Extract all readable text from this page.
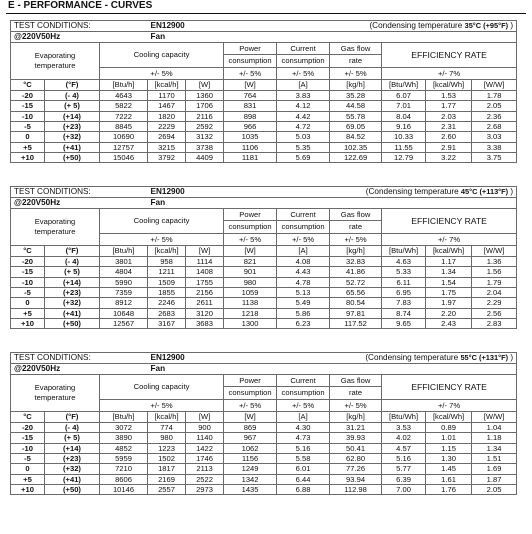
E - PERFORMANCE - CURVES
TEST CONDITIONS:			EN12900			(Condensing temperature 35°C (+95°F) )				
@220V50Hz			Fan							

Evaporating
temperature		Cooling capacity			Power	Current	Gas flow	EFFICIENCY RATE		
					consumption	consumption	rate			
		+/- 5%			+/- 5%	+/- 5%	+/- 5%	+/- 7%		
°C	(°F)	[Btu/h]	[kcal/h]	[W]	[W]	[A]	[kg/h]	[Btu/Wh]	[kcal/Wh]	[W/W]
-20	(- 4)	4643	1170	1360	764	3.83	35.28	6.07	1.53	1.78
-15	(+ 5)	5822	1467	1706	831	4.12	44.58	7.01	1.77	2.05
-10	(+14)	7222	1820	2116	898	4.42	55.78	8.04	2.03	2.36
-5	(+23)	8845	2229	2592	966	4.72	69.05	9.16	2.31	2.68
0	(+32)	10690	2694	3132	1035	5.03	84.52	10.33	2.60	3.03
+5	(+41)	12757	3215	3738	1106	5.35	102.35	11.55	2.91	3.38
+10	(+50)	15046	3792	4409	1181	5.69	122.69	12.79	3.22	3.75
TEST CONDITIONS:			EN12900			(Condensing temperature 45°C (+113°F) )				
@220V50Hz			Fan							

Evaporating
temperature		Cooling capacity			Power	Current	Gas flow	EFFICIENCY RATE		
					consumption	consumption	rate			
		+/- 5%			+/- 5%	+/- 5%	+/- 5%	+/- 7%		
°C	(°F)	[Btu/h]	[kcal/h]	[W]	[W]	[A]	[kg/h]	[Btu/Wh]	[kcal/Wh]	[W/W]
-20	(- 4)	3801	958	1114	821	4.08	32.83	4.63	1.17	1.36
-15	(+ 5)	4804	1211	1408	901	4.43	41.86	5.33	1.34	1.56
-10	(+14)	5990	1509	1755	980	4.78	52.72	6.11	1.54	1.79
-5	(+23)	7359	1855	2156	1059	5.13	65.56	6.95	1.75	2.04
0	(+32)	8912	2246	2611	1138	5.49	80.54	7.83	1.97	2.29
+5	(+41)	10648	2683	3120	1218	5.86	97.81	8.74	2.20	2.56
+10	(+50)	12567	3167	3683	1300	6.23	117.52	9.65	2.43	2.83
TEST CONDITIONS:			EN12900			(Condensing temperature 55°C (+131°F) )				
@220V50Hz			Fan							

Evaporating
temperature		Cooling capacity			Power	Current	Gas flow	EFFICIENCY RATE		
					consumption	consumption	rate			
		+/- 5%			+/- 5%	+/- 5%	+/- 5%	+/- 7%		
°C	(°F)	[Btu/h]	[kcal/h]	[W]	[W]	[A]	[kg/h]	[Btu/Wh]	[kcal/Wh]	[W/W]
-20	(- 4)	3072	774	900	869	4.30	31.21	3.53	0.89	1.04
-15	(+ 5)	3890	980	1140	967	4.73	39.93	4.02	1.01	1.18
-10	(+14)	4852	1223	1422	1062	5.16	50.41	4.57	1.15	1.34
-5	(+23)	5959	1502	1746	1156	5.58	62.80	5.16	1.30	1.51
0	(+32)	7210	1817	2113	1249	6.01	77.26	5.77	1.45	1.69
+5	(+41)	8606	2169	2522	1342	6.44	93.94	6.39	1.61	1.87
+10	(+50)	10146	2557	2973	1435	6.88	112.98	7.00	1.76	2.05
